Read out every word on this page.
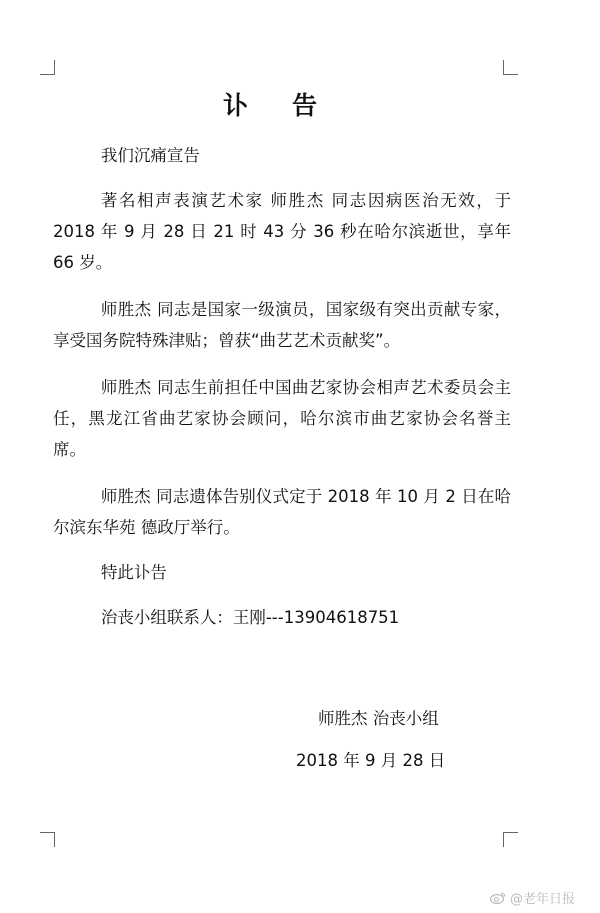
讣 告

我们沉痛宣告

著名相声表演艺术家 师胜杰 同志因病医治无效，于2018 年 9 月 28 日 21 时 43 分 36 秒在哈尔滨逝世，享年 66 岁。

师胜杰 同志是国家一级演员，国家级有突出贡献专家，享受国务院特殊津贴；曾获“曲艺艺术贡献奖”。

师胜杰 同志生前担任中国曲艺家协会相声艺术委员会主任，黑龙江省曲艺家协会顾问，哈尔滨市曲艺家协会名誉主席。

师胜杰 同志遗体告别仪式定于 2018 年 10 月 2 日在哈尔滨东华苑 德政厅举行。

特此讣告

治丧小组联系人：王刚---13904618751

师胜杰 治丧小组
2018 年 9 月 28 日
@老年日报
